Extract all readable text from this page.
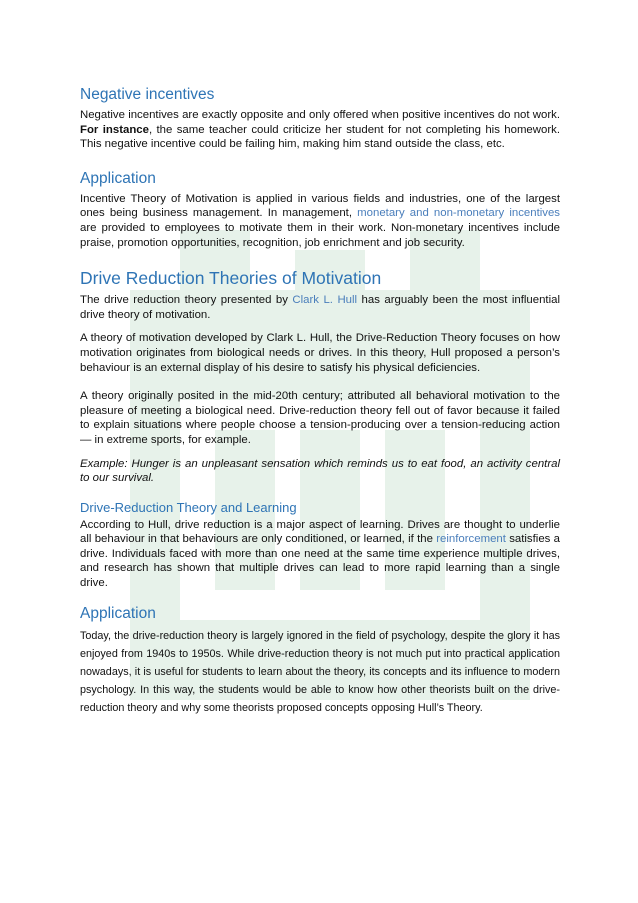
Negative incentives

Negative incentives are exactly opposite and only offered when positive incentives do not work. For instance, the same teacher could criticize her student for not completing his homework. This negative incentive could be failing him, making him stand outside the class, etc.

Application

Incentive Theory of Motivation is applied in various fields and industries, one of the largest ones being business management. In management, monetary and non-monetary incentives are provided to employees to motivate them in their work. Non-monetary incentives include praise, promotion opportunities, recognition, job enrichment and job security.

Drive Reduction Theories of Motivation

The drive reduction theory presented by Clark L. Hull has arguably been the most influential drive theory of motivation.

A theory of motivation developed by Clark L. Hull, the Drive-Reduction Theory focuses on how motivation originates from biological needs or drives. In this theory, Hull proposed a person’s behaviour is an external display of his desire to satisfy his physical deficiencies.

A theory originally posited in the mid-20th century; attributed all behavioral motivation to the pleasure of meeting a biological need. Drive-reduction theory fell out of favor because it failed to explain situations where people choose a tension-producing over a tension-reducing action — in extreme sports, for example.

Example: Hunger is an unpleasant sensation which reminds us to eat food, an activity central to our survival.

Drive-Reduction Theory and Learning

According to Hull, drive reduction is a major aspect of learning. Drives are thought to underlie all behaviour in that behaviours are only conditioned, or learned, if the reinforcement satisfies a drive. Individuals faced with more than one need at the same time experience multiple drives, and research has shown that multiple drives can lead to more rapid learning than a single drive.

Application

Today, the drive-reduction theory is largely ignored in the field of psychology, despite the glory it has enjoyed from 1940s to 1950s. While drive-reduction theory is not much put into practical application nowadays, it is useful for students to learn about the theory, its concepts and its influence to modern psychology. In this way, the students would be able to know how other theorists built on the drive-reduction theory and why some theorists proposed concepts opposing Hull’s Theory.
